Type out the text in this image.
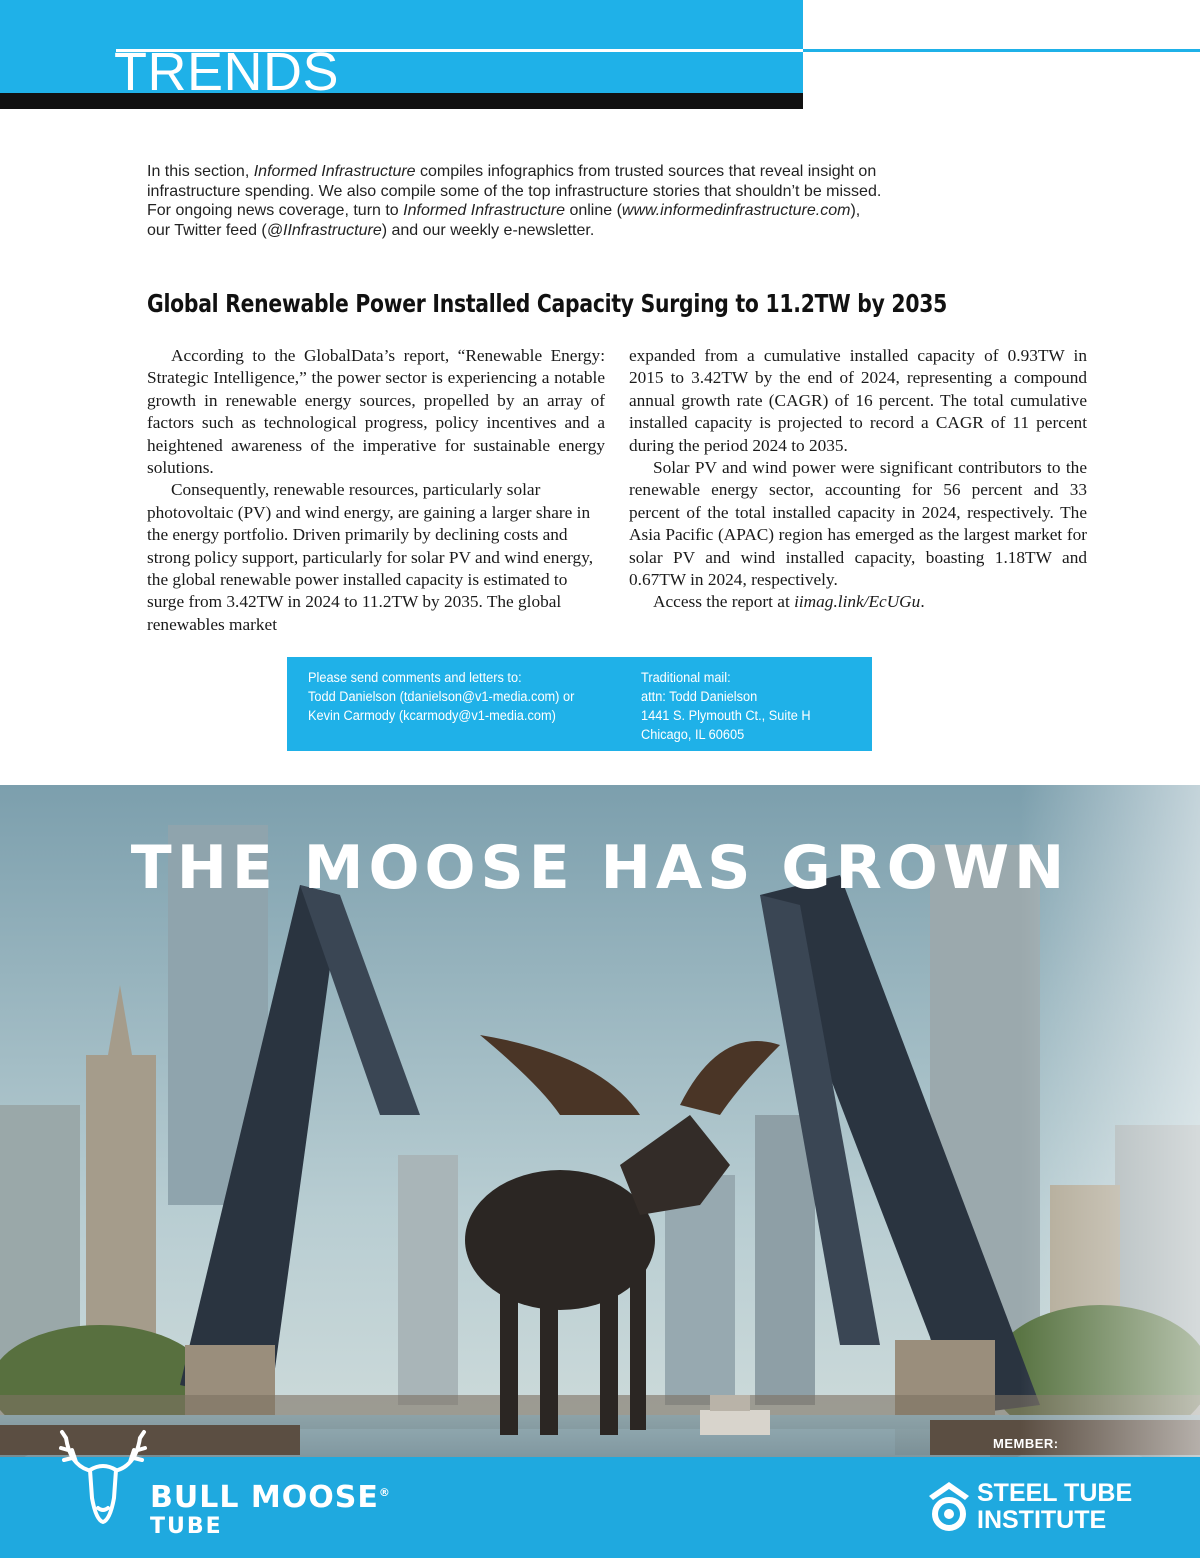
TRENDS
In this section, Informed Infrastructure compiles infographics from trusted sources that reveal insight on infrastructure spending. We also compile some of the top infrastructure stories that shouldn’t be missed. For ongoing news coverage, turn to Informed Infrastructure online (www.informedinfrastructure.com), our Twitter feed (@IInfrastructure) and our weekly e-newsletter.
Global Renewable Power Installed Capacity Surging to 11.2TW by 2035

According to the GlobalData’s report, “Renewable Energy: Strategic Intelligence,” the power sector is experiencing a notable growth in renewable energy sources, propelled by an array of factors such as technological progress, policy incentives and a heightened awareness of the imperative for sustainable energy solutions.

Consequently, renewable resources, particularly solar photovoltaic (PV) and wind energy, are gaining a larger share in the energy portfolio. Driven primarily by declining costs and strong policy support, particularly for solar PV and wind energy, the global renewable power installed capacity is estimated to surge from 3.42TW in 2024 to 11.2TW by 2035. The global renewables market

expanded from a cumulative installed capacity of 0.93TW in 2015 to 3.42TW by the end of 2024, representing a compound annual growth rate (CAGR) of 16 percent. The total cumulative installed capacity is projected to record a CAGR of 11 percent during the period 2024 to 2035.

Solar PV and wind power were significant contributors to the renewable energy sector, accounting for 56 percent and 33 percent of the total installed capacity in 2024, respectively. The Asia Pacific (APAC) region has emerged as the largest market for solar PV and wind installed capacity, boasting 1.18TW and 0.67TW in 2024, respectively.

Access the report at iimag.link/EcUGu.

Please send comments and letters to:
Todd Danielson (tdanielson@v1-media.com) or
Kevin Carmody (kcarmody@v1-media.com)
Traditional mail:
attn: Todd Danielson
1441 S. Plymouth Ct., Suite H
Chicago, IL 60605
THE MOOSE HAS GROWN
BULL MOOSE®
TUBE
MEMBER:
STEEL TUBE
INSTITUTE
